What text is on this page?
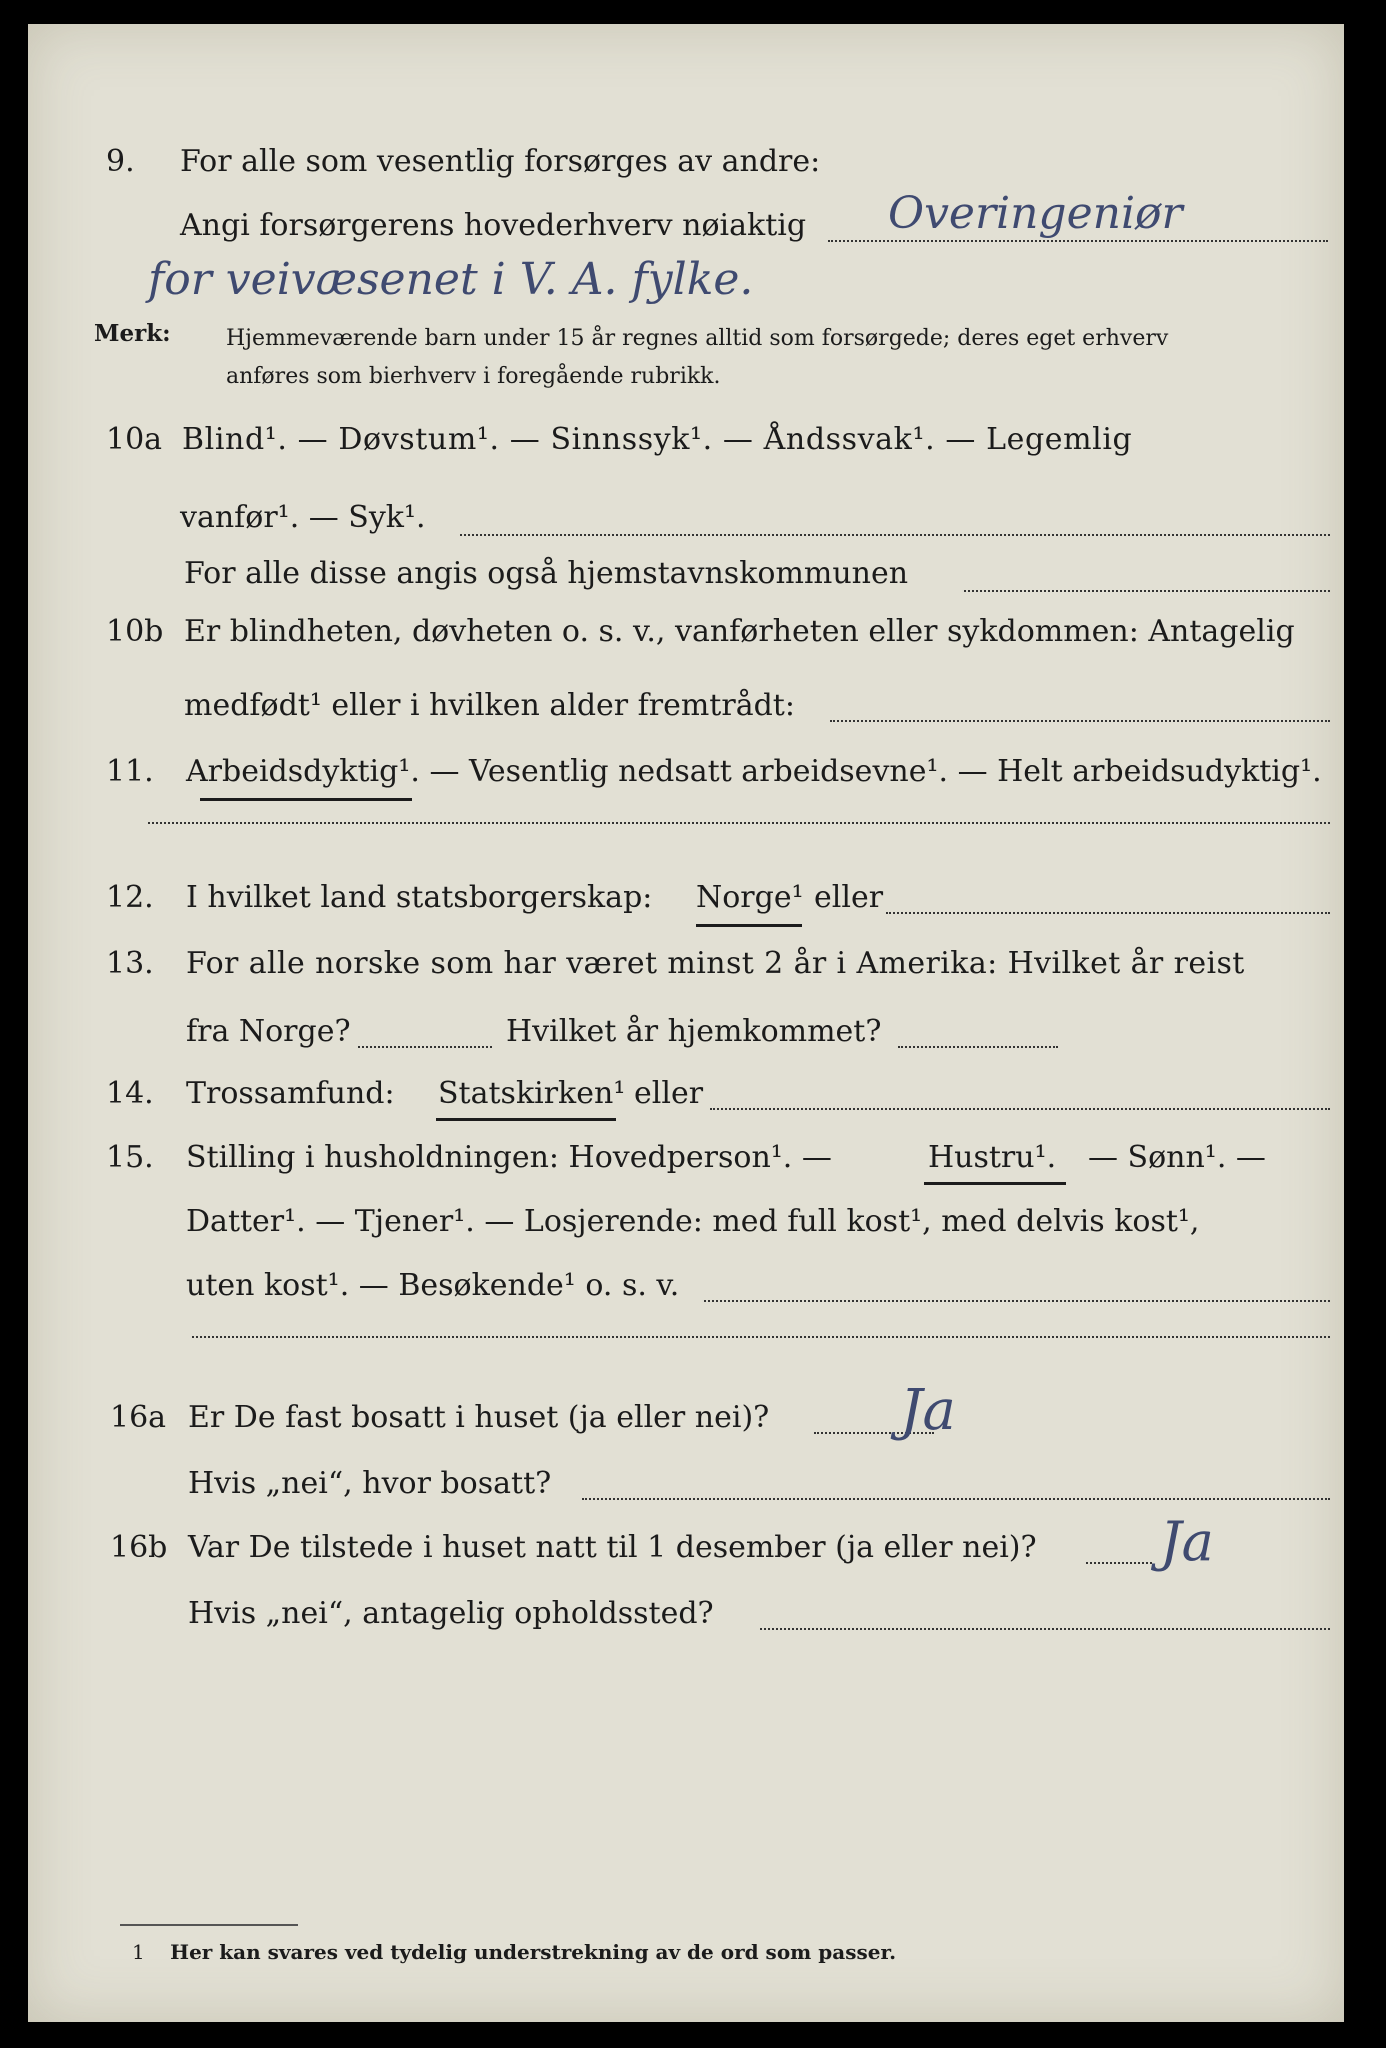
9. For alle som vesentlig forsørges av andre:
Angi forsørgerens hovederhverv nøiaktig Overingeniør
for veivæsenet i V. A. fylke.
Merk:	Hjemmeværende barn under 15 år regnes alltid som forsørgede; deres eget erhverv
anføres som bierhverv i foregående rubrikk.
10a Blind¹. — Døvstum¹. — Sinnssyk¹. — Åndssvak¹. — Legemlig
vanfør¹. — Syk¹.
For alle disse angis også hjemstavnskommunen
10b Er blindheten, døvheten o. s. v., vanførheten eller sykdommen: Antagelig
medfødt¹ eller i hvilken alder fremtrådt:
11. Arbeidsdyktig¹. — Vesentlig nedsatt arbeidsevne¹. — Helt arbeidsudyktig¹.
12. I hvilket land statsborgerskap: Norge¹ eller
13. For alle norske som har været minst 2 år i Amerika: Hvilket år reist
fra Norge?	Hvilket år hjemkommet?
14. Trossamfund: Statskirken¹ eller
15. Stilling i husholdningen: Hovedperson¹. —	Hustru¹. — Sønn¹. —
Datter¹. — Tjener¹. — Losjerende: med full kost¹, med delvis kost¹,
uten kost¹. — Besøkende¹ o. s. v.
16a Er De fast bosatt i huset (ja eller nei)? Ja
Hvis „nei“, hvor bosatt?
16b Var De tilstede i huset natt til 1 desember (ja eller nei)? Ja
Hvis „nei“, antagelig opholdssted?
1 Her kan svares ved tydelig understrekning av de ord som passer.
